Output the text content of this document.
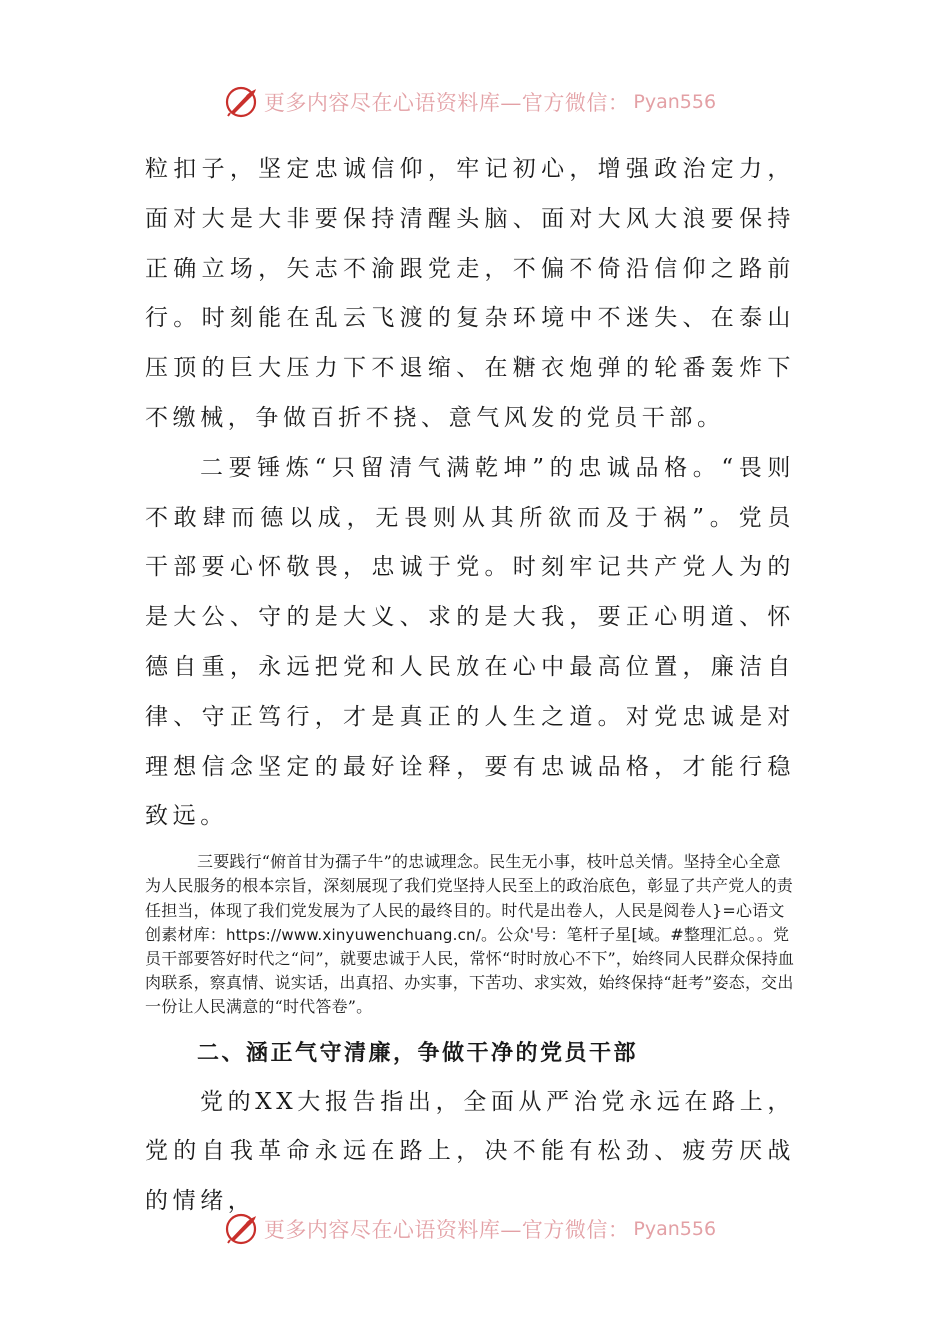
更多内容尽在心语资料库—官方微信： Pyan556

粒扣子，坚定忠诚信仰，牢记初心，增强政治定力，面对大是大非要保持清醒头脑、面对大风大浪要保持正确立场，矢志不渝跟党走，不偏不倚沿信仰之路前行。时刻能在乱云飞渡的复杂环境中不迷失、在泰山压顶的巨大压力下不退缩、在糖衣炮弹的轮番轰炸下不缴械，争做百折不挠、意气风发的党员干部。

二要锤炼“只留清气满乾坤”的忠诚品格。“畏则不敢肆而德以成，无畏则从其所欲而及于祸”。党员干部要心怀敬畏，忠诚于党。时刻牢记共产党人为的是大公、守的是大义、求的是大我，要正心明道、怀德自重，永远把党和人民放在心中最高位置，廉洁自律、守正笃行，才是真正的人生之道。对党忠诚是对理想信念坚定的最好诠释，要有忠诚品格，才能行稳致远。

三要践行“俯首甘为孺子牛”的忠诚理念。民生无小事，枝叶总关情。坚持全心全意为人民服务的根本宗旨，深刻展现了我们党坚持人民至上的政治底色，彰显了共产党人的责任担当，体现了我们党发展为了人民的最终目的。时代是出卷人，人民是阅卷人}=心语文创素材库：https://www.xinyuwenchuang.cn/。公众'号：笔杆子星[域。#整理汇总。。党员干部要答好时代之“问”，就要忠诚于人民，常怀“时时放心不下”，始终同人民群众保持血肉联系，察真情、说实话，出真招、办实事，下苦功、求实效，始终保持“赶考”姿态，交出一份让人民满意的“时代答卷”。

二、涵正气守清廉，争做干净的党员干部

党的XX大报告指出，全面从严治党永远在路上，党的自我革命永远在路上，决不能有松劲、疲劳厌战的情绪，

更多内容尽在心语资料库—官方微信： Pyan556
